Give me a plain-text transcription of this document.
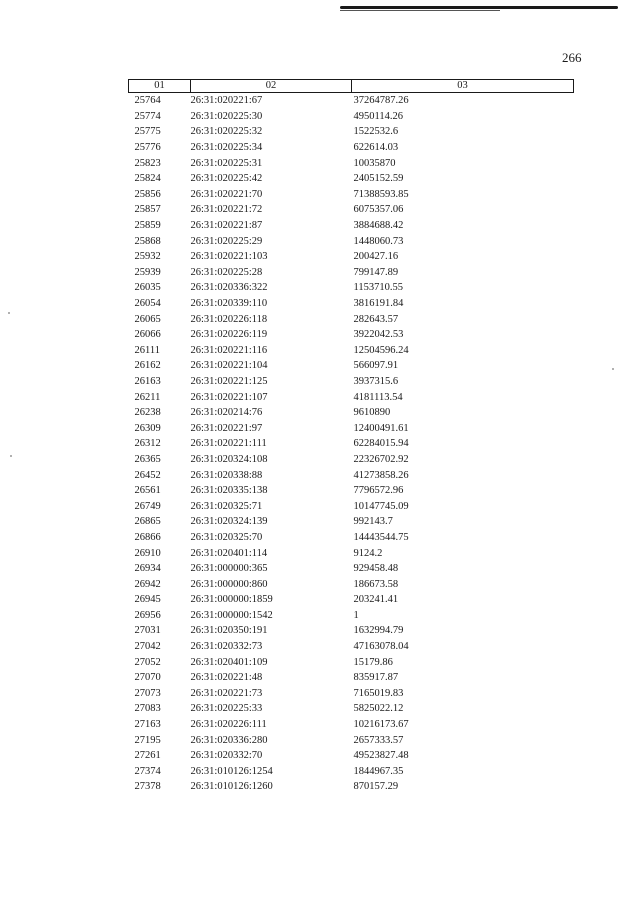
266
01	02	03
25764	26:31:020221:67	37264787.26
25774	26:31:020225:30	4950114.26
25775	26:31:020225:32	1522532.6
25776	26:31:020225:34	622614.03
25823	26:31:020225:31	10035870
25824	26:31:020225:42	2405152.59
25856	26:31:020221:70	71388593.85
25857	26:31:020221:72	6075357.06
25859	26:31:020221:87	3884688.42
25868	26:31:020225:29	1448060.73
25932	26:31:020221:103	200427.16
25939	26:31:020225:28	799147.89
26035	26:31:020336:322	1153710.55
26054	26:31:020339:110	3816191.84
26065	26:31:020226:118	282643.57
26066	26:31:020226:119	3922042.53
26111	26:31:020221:116	12504596.24
26162	26:31:020221:104	566097.91
26163	26:31:020221:125	3937315.6
26211	26:31:020221:107	4181113.54
26238	26:31:020214:76	9610890
26309	26:31:020221:97	12400491.61
26312	26:31:020221:111	62284015.94
26365	26:31:020324:108	22326702.92
26452	26:31:020338:88	41273858.26
26561	26:31:020335:138	7796572.96
26749	26:31:020325:71	10147745.09
26865	26:31:020324:139	992143.7
26866	26:31:020325:70	14443544.75
26910	26:31:020401:114	9124.2
26934	26:31:000000:365	929458.48
26942	26:31:000000:860	186673.58
26945	26:31:000000:1859	203241.41
26956	26:31:000000:1542	1
27031	26:31:020350:191	1632994.79
27042	26:31:020332:73	47163078.04
27052	26:31:020401:109	15179.86
27070	26:31:020221:48	835917.87
27073	26:31:020221:73	7165019.83
27083	26:31:020225:33	5825022.12
27163	26:31:020226:111	10216173.67
27195	26:31:020336:280	2657333.57
27261	26:31:020332:70	49523827.48
27374	26:31:010126:1254	1844967.35
27378	26:31:010126:1260	870157.29
